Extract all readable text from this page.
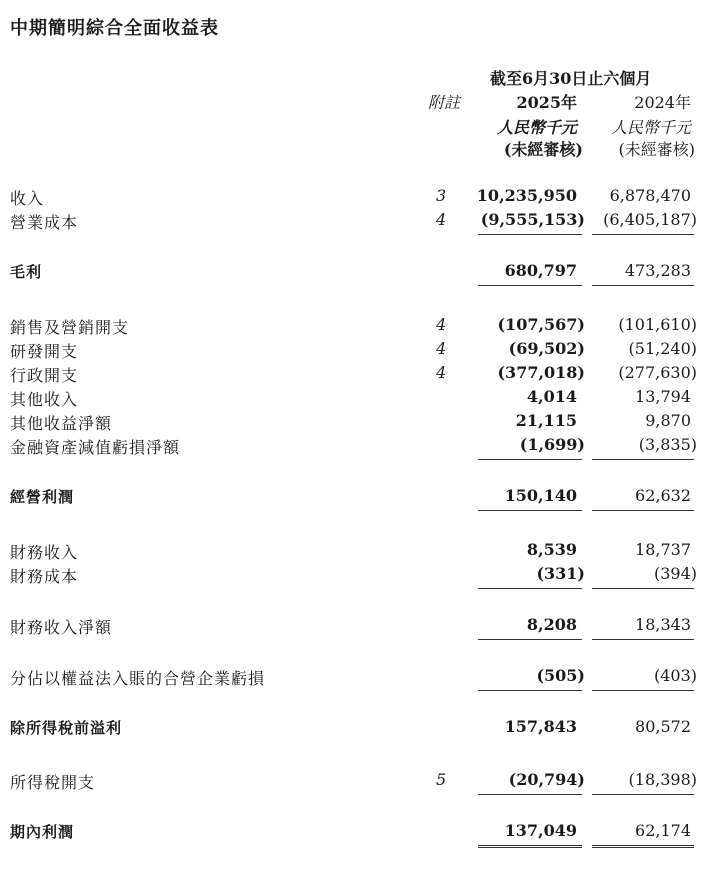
中期簡明綜合全面收益表
截至6月30日止六個月
附註	2025年	2024年
人民幣千元 人民幣千元
(未經審核) (未經審核)
收入	3 10,235,950 6,878,470
營業成本	4 (9,555,153) (6,405,187)
毛利	680,797	473,283
銷售及營銷開支	4	(107,567) (101,610)
研發開支	4	(69,502)	(51,240)
行政開支	4	(377,018) (277,630)
其他收入	4,014	13,794
其他收益淨額	21,115	9,870
金融資產減值虧損淨額	(1,699)	(3,835)
經營利潤	150,140	62,632
財務收入	8,539	18,737
財務成本	(331)	(394)
財務收入淨額	8,208	18,343
分佔以權益法入賬的合營企業虧損	(505)	(403)
除所得稅前溢利	157,843	80,572
所得稅開支	5	(20,794)	(18,398)
期內利潤	137,049	62,174
